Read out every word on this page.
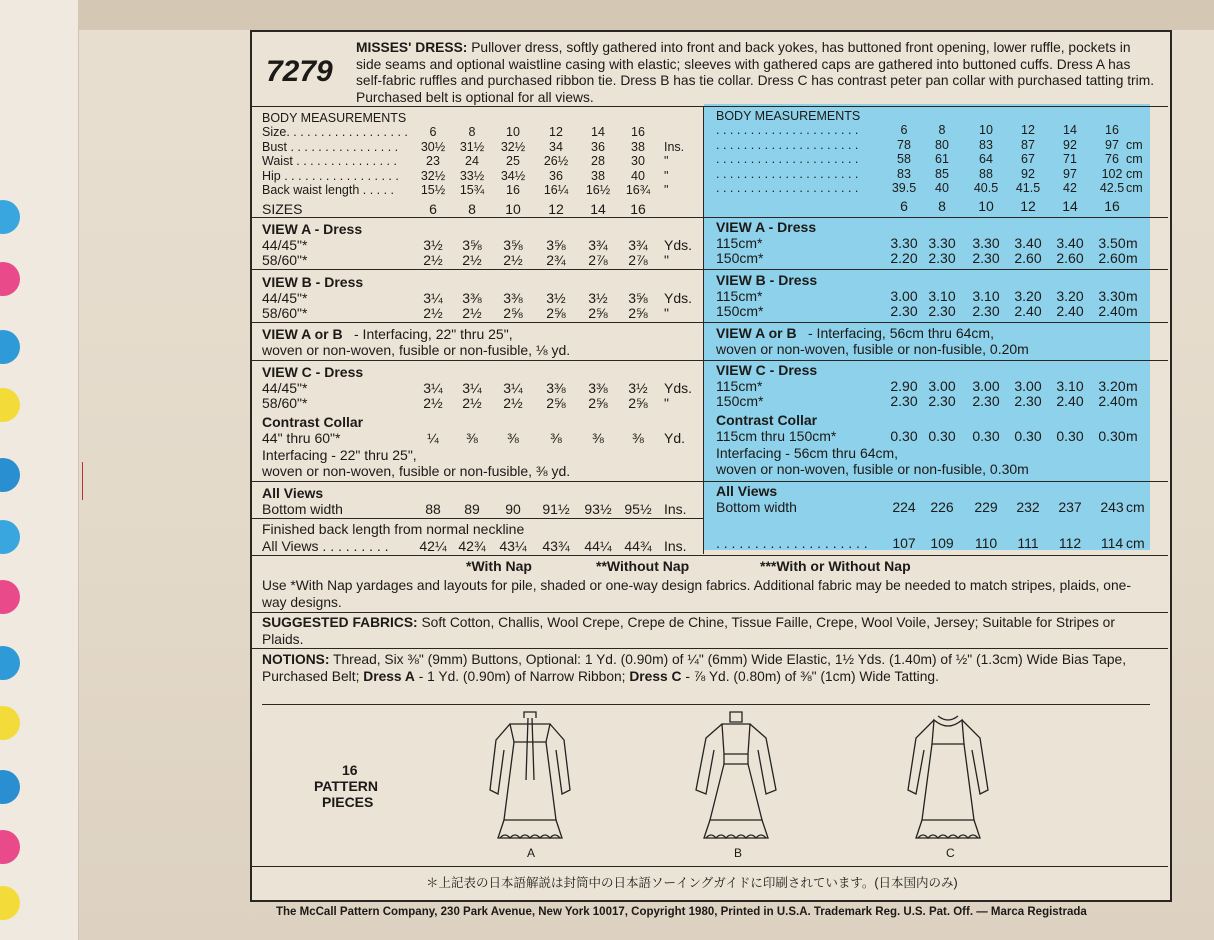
7279
MISSES' DRESS: Pullover dress, softly gathered into front and back yokes, has buttoned front opening, lower ruffle, pockets in side seams and optional waistline casing with elastic; sleeves with gathered caps are gathered into buttoned cuffs. Dress A has self-fabric ruffles and purchased ribbon tie. Dress B has tie collar. Dress C has contrast peter pan collar with purchased tatting trim. Purchased belt is optional for all views.
*With Nap	**Without Nap	***With or Without Nap
Use *With Nap yardages and layouts for pile, shaded or one-way design fabrics. Additional fabric may be needed to match stripes, plaids, one-way designs.
SUGGESTED FABRICS: Soft Cotton, Challis, Wool Crepe, Crepe de Chine, Tissue Faille, Crepe, Wool Voile, Jersey; Suitable for Stripes or Plaids.
NOTIONS: Thread, Six ⅜" (9mm) Buttons, Optional: 1 Yd. (0.90m) of ¼" (6mm) Wide Elastic, 1½ Yds. (1.40m) of ½" (1.3cm) Wide Bias Tape, Purchased Belt; Dress A - 1 Yd. (0.90m) of Narrow Ribbon; Dress C - ⅞ Yd. (0.80m) of ⅜" (1cm) Wide Tatting.
16
PATTERN
PIECES
A	B	C
＊上記表の日本語解説は封筒中の日本語ソーイングガイドに印刷されています。(日本国内のみ)
The McCall Pattern Company, 230 Park Avenue, New York 10017, Copyright 1980, Printed in U.S.A. Trademark Reg. U.S. Pat. Off. — Marca Registrada
BODY MEASUREMENTS
Size. . . . . . . . . . . . . . . . . .	6	8	10	12	14	16
Bust . . . . . . . . . . . . . . . .	30½	31½	32½	34	36	38	Ins.
Waist . . . . . . . . . . . . . . .	23	24	25	26½	28	30	"
Hip . . . . . . . . . . . . . . . . .	32½	33½	34½	36	38	40	"
Back waist length . . . . .	15½	15¾	16	16¼	16½	16¾	"
SIZES	6	8	10	12	14	16
VIEW A - Dress
44/45"*	3½	3⅝	3⅝	3⅝	3¾	3¾	Yds.
58/60"*	2½	2½	2½	2¾	2⅞	2⅞	"
VIEW B - Dress
44/45"*	3¼	3⅜	3⅜	3½	3½	3⅝	Yds.
58/60"*	2½	2½	2⅝	2⅝	2⅝	2⅝	"
VIEW A or B - Interfacing, 22" thru 25",
woven or non-woven, fusible or non-fusible, ⅛ yd.
VIEW C - Dress
44/45"*	3¼	3¼	3¼	3⅜	3⅜	3½	Yds.
58/60"*	2½	2½	2½	2⅝	2⅝	2⅝	"
Contrast Collar
44" thru 60"*	¼	⅜	⅜	⅜	⅜	⅜	Yd.
Interfacing - 22" thru 25",
woven or non-woven, fusible or non-fusible, ⅜ yd.
All Views
Bottom width	88	89	90	91½	93½ 95½ Ins.
Finished back length from normal neckline
All Views . . . . . . . . .	42¼ 42¾ 43¼	43¾	44¼ 44¾ Ins.
BODY MEASUREMENTS
. . . . . . . . . . . . . . . . . . . . .	6	8	10	12	14	16
. . . . . . . . . . . . . . . . . . . . .	78	80	83	87	92	97 cm
. . . . . . . . . . . . . . . . . . . . .	58	61	64	67	71	76 cm
. . . . . . . . . . . . . . . . . . . . .	83	85	88	92	97	102 cm
. . . . . . . . . . . . . . . . . . . . .	39.5	40	40.5	41.5	42	42.5 cm
6	8	10	12	14	16
VIEW A - Dress
115cm*	3.30 3.30	3.30	3.40	3.40	3.50 m
150cm*	2.20 2.30	2.30	2.60	2.60	2.60 m
VIEW B - Dress
115cm*	3.00 3.10	3.10	3.20	3.20	3.30 m
150cm*	2.30 2.30	2.30	2.40	2.40	2.40 m
VIEW A or B - Interfacing, 56cm thru 64cm,
woven or non-woven, fusible or non-fusible, 0.20m
VIEW C - Dress
115cm*	2.90 3.00	3.00	3.00	3.10	3.20 m
150cm*	2.30 2.30	2.30	2.30	2.40	2.40 m
Contrast Collar
115cm thru 150cm*	0.30 0.30	0.30	0.30	0.30	0.30 m
Interfacing - 56cm thru 64cm,
woven or non-woven, fusible or non-fusible, 0.30m
All Views
Bottom width	224	226	229	232	237	243 cm
. . . . . . . . . . . . . . . . . . . .	107	109	110	111	112	114 cm
